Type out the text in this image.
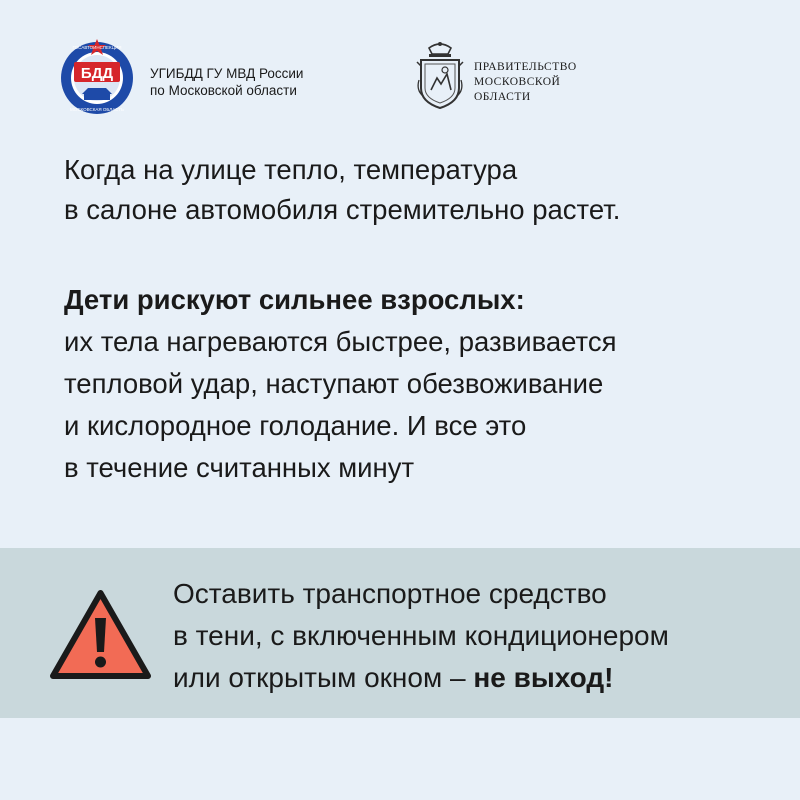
БДД
ГОСАВТОИНСПЕКЦИЯ
МОСКОВСКАЯ ОБЛАСТЬ
УГИБДД ГУ МВД России
по Московской области
ПРАВИТЕЛЬСТВО
МОСКОВСКОЙ
ОБЛАСТИ
Когда на улице тепло, температура
в салоне автомобиля стремительно растет.
Дети рискуют сильнее взрослых:
их тела нагреваются быстрее, развивается
тепловой удар, наступают обезвоживание
и кислородное голодание. И все это
в течение считанных минут
Оставить транспортное средство
в тени, с включенным кондиционером
или открытым окном – не выход!
